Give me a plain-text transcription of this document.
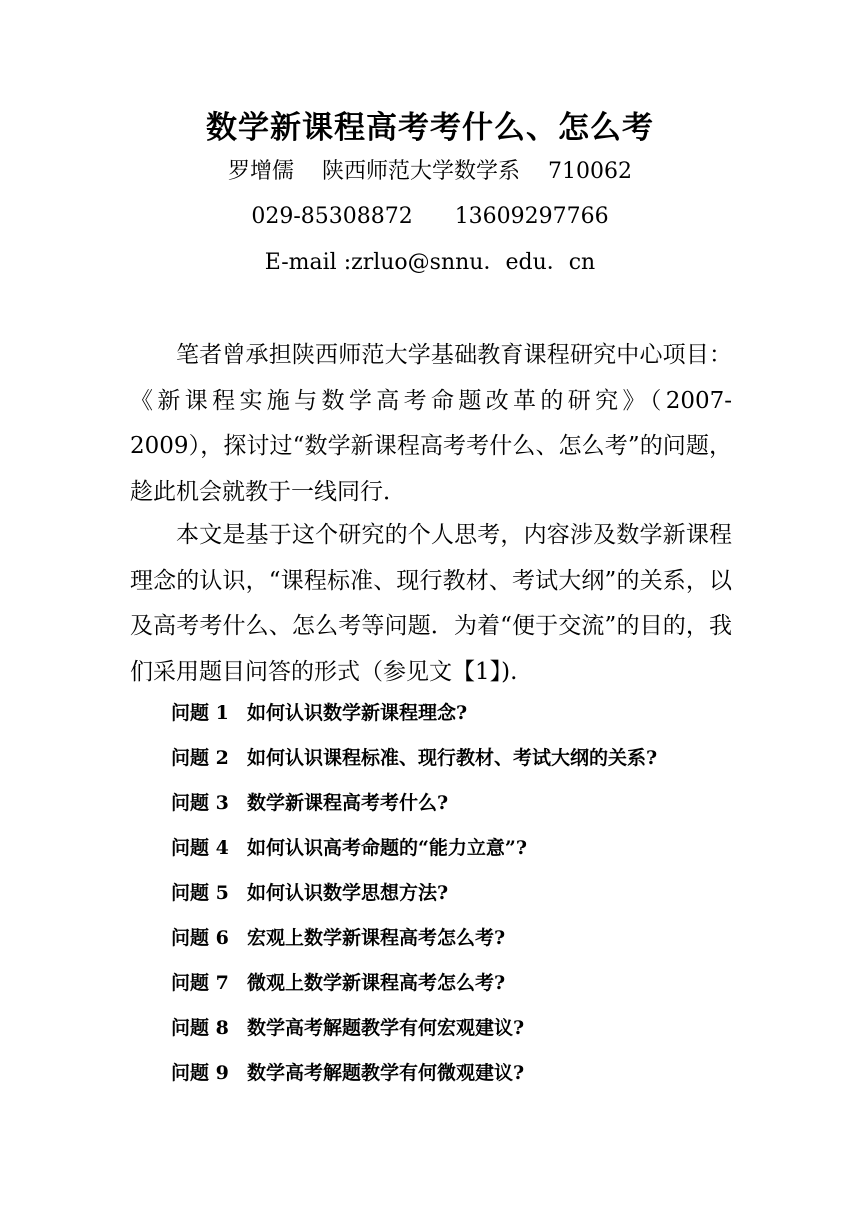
数学新课程高考考什么、怎么考
罗增儒    陕西师范大学数学系    710062
029-85308872      13609297766
E-mail :zrluo@snnu．edu．cn

笔者曾承担陕西师范大学基础教育课程研究中心项目：《新课程实施与数学高考命题改革的研究》（2007-2009），探讨过“数学新课程高考考什么、怎么考”的问题，趁此机会就教于一线同行．

本文是基于这个研究的个人思考，内容涉及数学新课程理念的认识，“课程标准、现行教材、考试大纲”的关系，以及高考考什么、怎么考等问题．为着“便于交流”的目的，我们采用题目问答的形式（参见文【1】).

问题 1 如何认识数学新课程理念?
问题 2 如何认识课程标准、现行教材、考试大纲的关系?
问题 3 数学新课程高考考什么?
问题 4 如何认识高考命题的“能力立意”?
问题 5 如何认识数学思想方法?
问题 6 宏观上数学新课程高考怎么考?
问题 7 微观上数学新课程高考怎么考?
问题 8 数学高考解题教学有何宏观建议?
问题 9 数学高考解题教学有何微观建议?
